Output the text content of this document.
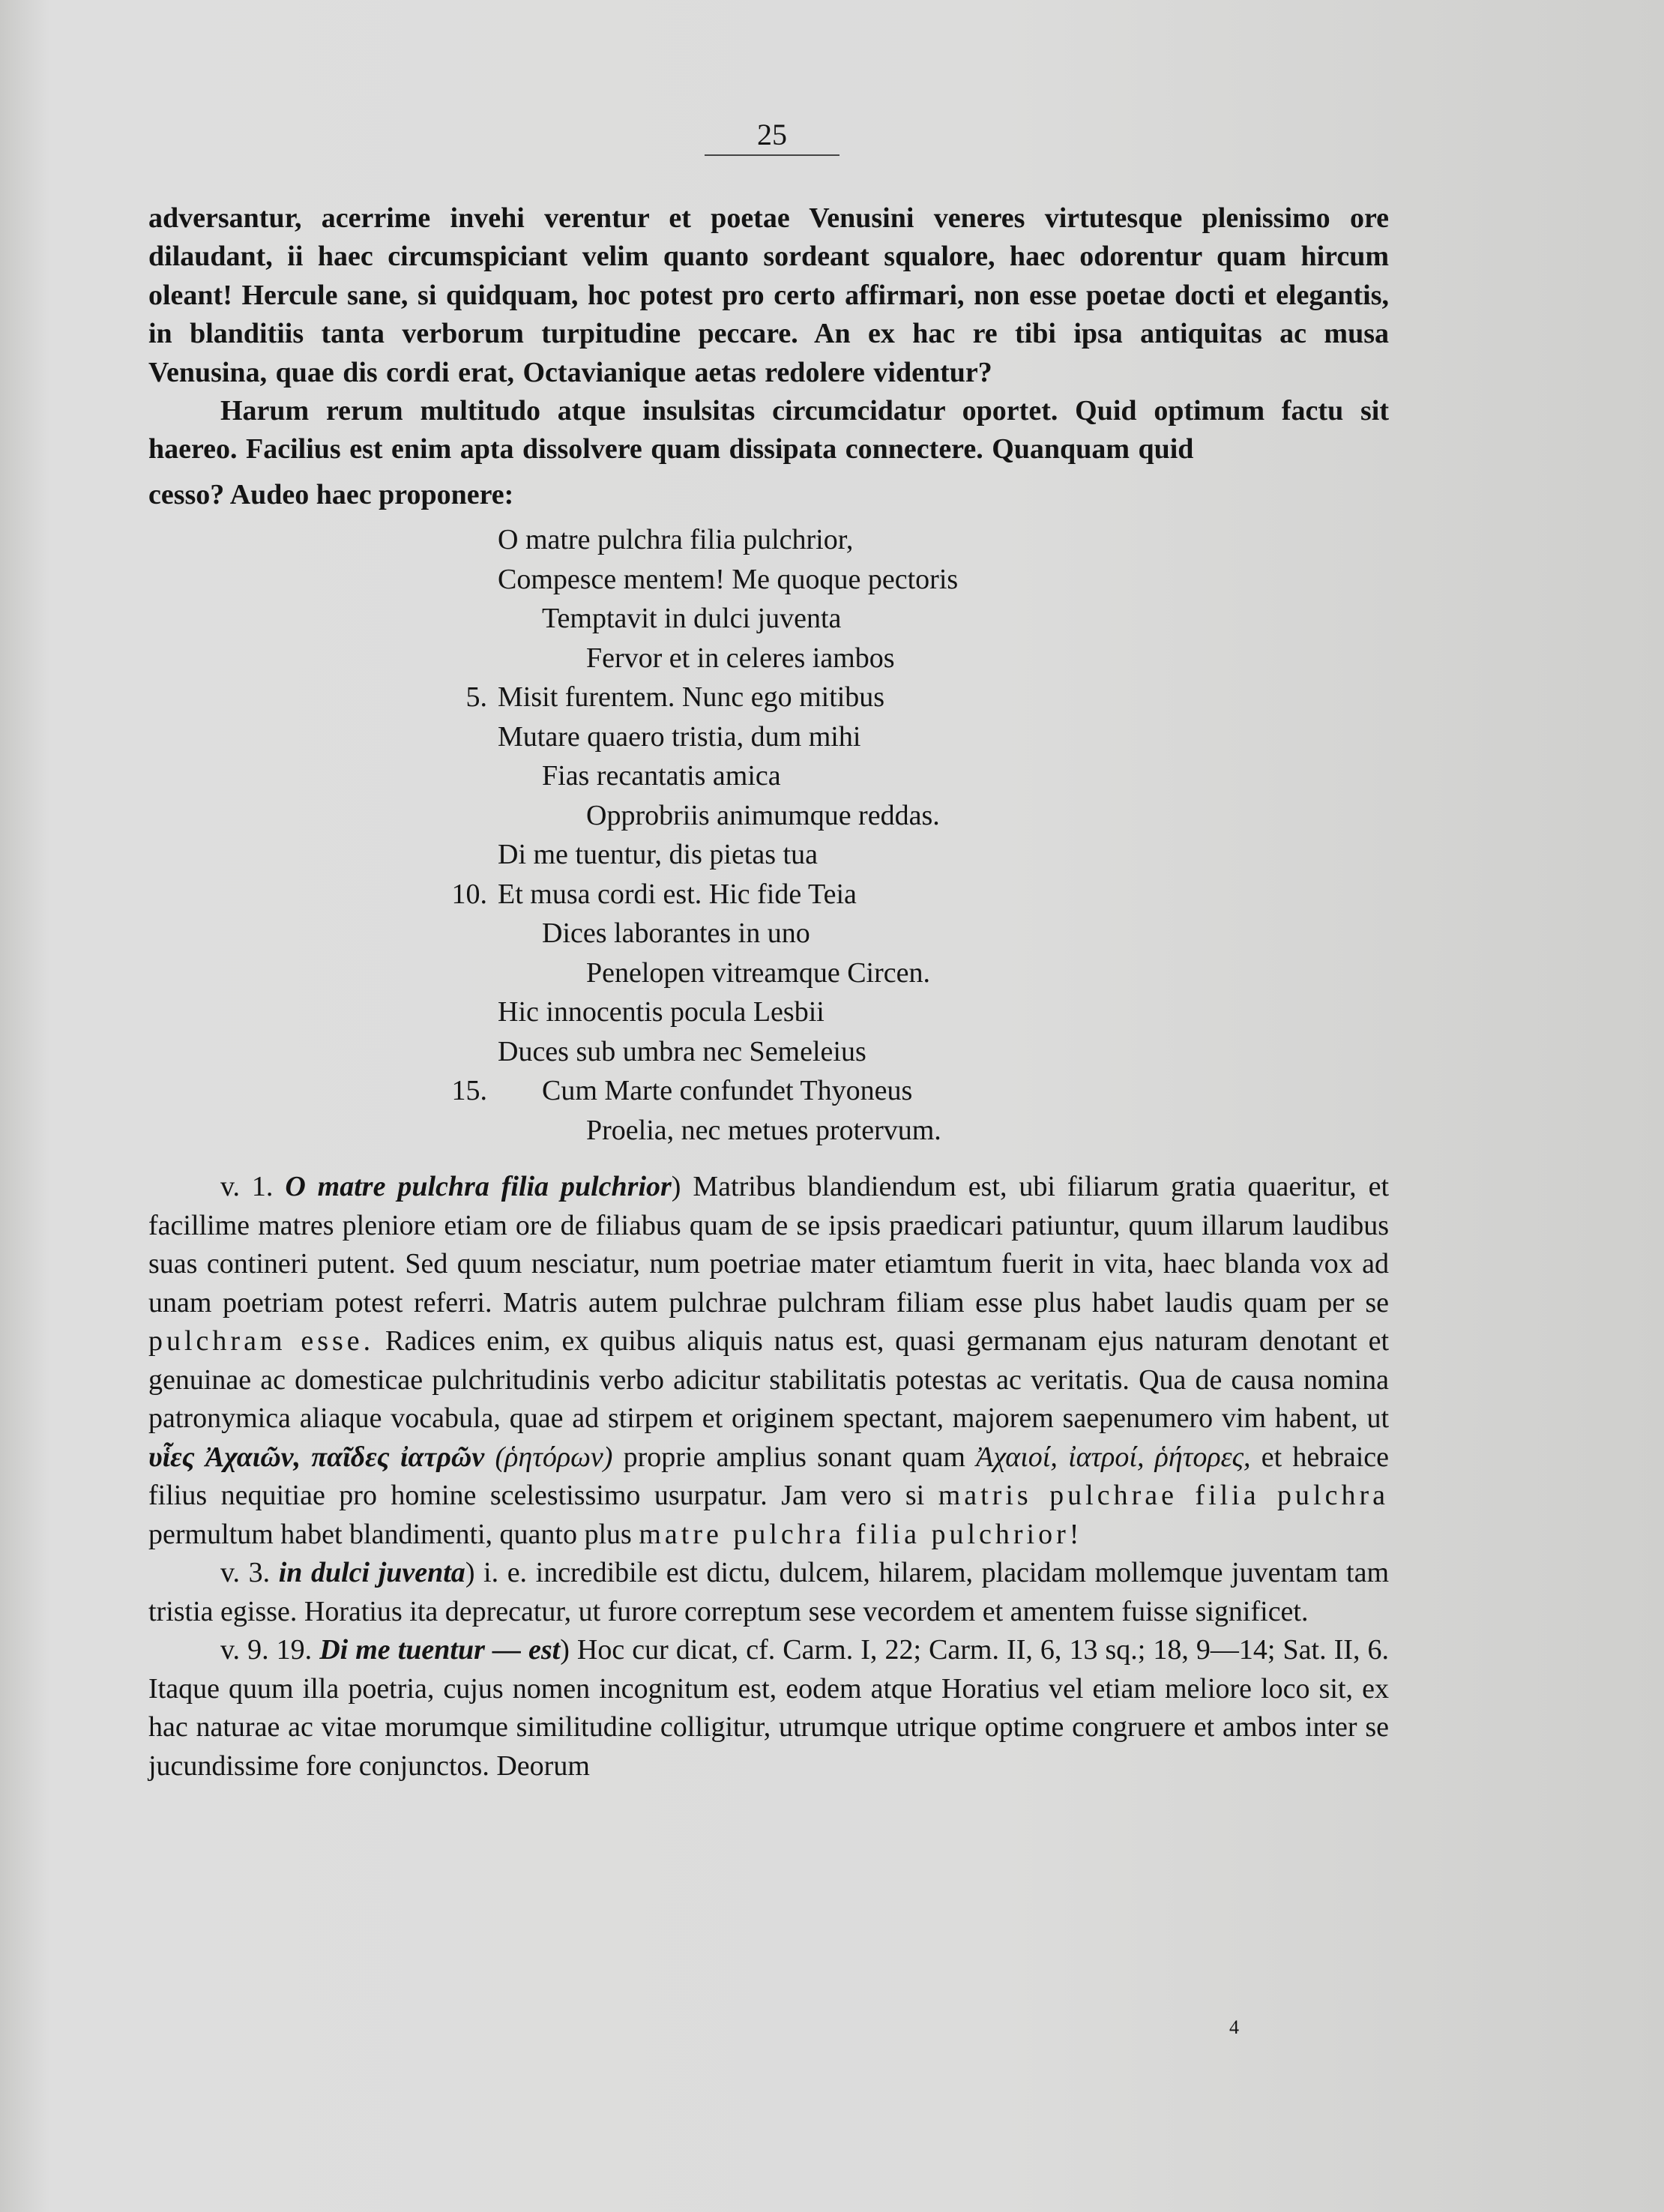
25

adversantur, acerrime invehi verentur et poetae Venusini veneres virtutesque plenissimo ore dilaudant, ii haec circumspiciant velim quanto sordeant squalore, haec odorentur quam hircum oleant! Hercule sane, si quidquam, hoc potest pro certo affirmari, non esse poetae docti et elegantis, in blanditiis tanta verborum turpitudine peccare. An ex hac re tibi ipsa antiquitas ac musa Venusina, quae dis cordi erat, Octavianique aetas redolere videntur?

Harum rerum multitudo atque insulsitas circumcidatur oportet. Quid optimum factu sit haereo. Facilius est enim apta dissolvere quam dissipata connectere. Quanquam quid

cesso? Audeo haec proponere:

O matre pulchra filia pulchrior,
Compesce mentem! Me quoque pectoris
Temptavit in dulci juventa
Fervor et in celeres iambos
5. Misit furentem. Nunc ego mitibus
Mutare quaero tristia, dum mihi
Fias recantatis amica
Opprobriis animumque reddas.
Di me tuentur, dis pietas tua
10. Et musa cordi est. Hic fide Teia
Dices laborantes in uno
Penelopen vitreamque Circen.
Hic innocentis pocula Lesbii
Duces sub umbra nec Semeleius
15. Cum Marte confundet Thyoneus
Proelia, nec metues protervum.

v. 1. O matre pulchra filia pulchrior) Matribus blandiendum est, ubi filiarum gratia quaeritur, et facillime matres pleniore etiam ore de filiabus quam de se ipsis praedicari patiuntur, quum illarum laudibus suas contineri putent. Sed quum nesciatur, num poetriae mater etiamtum fuerit in vita, haec blanda vox ad unam poetriam potest referri. Matris autem pulchrae pulchram filiam esse plus habet laudis quam per se pulchram esse. Radices enim, ex quibus aliquis natus est, quasi germanam ejus naturam denotant et genuinae ac domesticae pulchritudinis verbo adicitur stabilitatis potestas ac veritatis. Qua de causa nomina patronymica aliaque vocabula, quae ad stirpem et originem spectant, majorem saepenumero vim habent, ut υἷες Ἀχαιῶν, παῖδες ἰατρῶν (ῥητόρων) proprie amplius sonant quam Ἀχαιοί, ἰατροί, ῥήτορες, et hebraice filius nequitiae pro homine scelestissimo usurpatur. Jam vero si matris pulchrae filia pulchra permultum habet blandimenti, quanto plus matre pulchra filia pulchrior!

v. 3. in dulci juventa) i. e. incredibile est dictu, dulcem, hilarem, placidam mollemque juventam tam tristia egisse. Horatius ita deprecatur, ut furore correptum sese vecordem et amentem fuisse significet.

v. 9. 19. Di me tuentur — est) Hoc cur dicat, cf. Carm. I, 22; Carm. II, 6, 13 sq.; 18, 9—14; Sat. II, 6. Itaque quum illa poetria, cujus nomen incognitum est, eodem atque Horatius vel etiam meliore loco sit, ex hac naturae ac vitae morumque similitudine colligitur, utrumque utrique optime congruere et ambos inter se jucundissime fore conjunctos. Deorum

4
